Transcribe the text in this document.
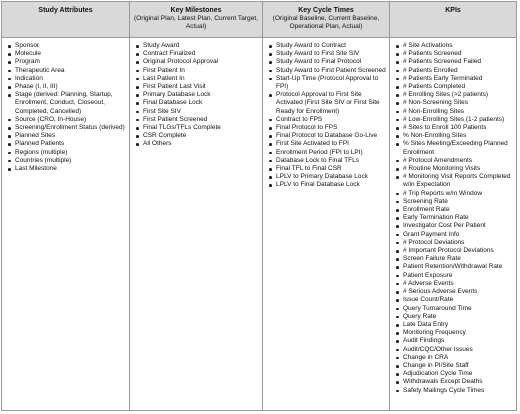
Study Attributes	Key Milestones
(Original Plan, Latest Plan, Current Target, Actual)
Key Cycle Times
(Original Baseline, Current Baseline, Operational Plan, Actual)
KPIs
Sponsor
Molecule
Program
Therapeutic Area
Indication
Phase (I, II, III)
Stage (derived: Planning, Startup, Enrollment, Conduct, Closeout, Completed, Cancelled)
Source (CRO, In-House)
Screening/Enrollment Status (derived)
Planned Sites
Planned Patients
Regions (multiple)
Countries (multiple)
Last Milestone
Study Award
Contract Finalized
Original Protocol Approval
First Patient In
Last Patient In
First Patient Last Visit
Primary Database Lock
Final Database Lock
First Site SIV
First Patient Screened
Final TLGs/TFLs Complete
CSR Complete
All Others
Study Award to Contract
Study Award to First Site SIV
Study Award to Final Protocol
Study Award to First Patient Screened
Start-Up Time (Protocol Approval to FPI)
Protocol Approval to First Site Activated (First Site SIV or First Site Ready for Enrollment)
Contract to FPS
Final Protocol to FPS
Final Protocol to Database Go-Live
First Site Activated to FPI
Enrollment Period (FPI to LPI)
Database Lock to Final TFLs
Final TFL to Final CSR
LPLV to Primary Database Lock
LPLV to Final Database Lock
# Site Activations
# Patients Screened
# Patients Screened Failed
# Patients Enrolled
# Patients Early Terminated
# Patients Completed
# Enrolling Sites (>2 patients)
# Non-Screening Sites
# Non-Enrolling Sites
# Low-Enrolling Sites (1-2 patients)
# Sites to Enroll 100 Patients
% Non-Enrolling Sites
% Sites Meeting/Exceeding Planned Enrollment
# Protocol Amendments
# Routine Monitoring Visits
# Monitoring Visit Reports Completed w/in Expectation
# Trip Reports w/in Window
Screening Rate
Enrollment Rate
Early Termination Rate
Investigator Cost Per Patient
Grant Payment Info
# Protocol Deviations
# Important Protocol Deviations
Screen Failure Rate
Patient Retention/Withdrawal Rate
Patient Exposure
# Adverse Events
# Serious Adverse Events
Issue Count/Rate
Query Turnaround Time
Query Rate
Late Data Entry
Monitoring Frequency
Audit Findings
Audit/CQC/Other Issues
Change in CRA
Change in PI/Site Staff
Adjudication Cycle Time
Withdrawals Except Deaths
Safety Mailings Cycle Times
